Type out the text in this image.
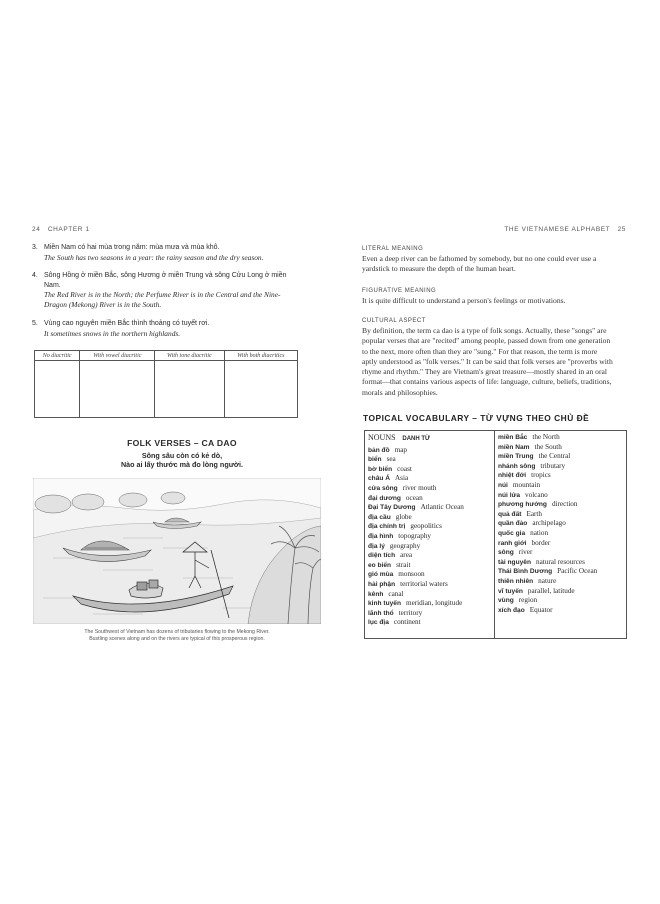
24 CHAPTER 1
3. Miền Nam có hai mùa trong năm: mùa mưa và mùa khô.
The South has two seasons in a year: the rainy season and the dry season.
4. Sông Hồng ở miền Bắc, sông Hương ở miền Trung và sông Cửu Long ở miền
Nam.
The Red River is in the North; the Perfume River is in the Central and the Nine-
Dragon (Mekong) River is in the South.
5. Vùng cao nguyên miền Bắc thình thoảng có tuyết rơi.
It sometimes snows in the northern highlands.
No diacritic	With vowel diacritic	With tone diacritic	With both diacritics

FOLK VERSES – CA DAO
Sông sâu còn có kẻ dò,
Nào ai lấy thước mà đo lòng người.
The Southwest of Vietnam has dozens of tributaries flowing to the Mekong River.
Bustling scenes along and on the rivers are typical of this prosperous region.
THE VIETNAMESE ALPHABET 25
LITERAL MEANING
Even a deep river can be fathomed by somebody, but no one could ever use a
yardstick to measure the depth of the human heart.
FIGURATIVE MEANING
It is quite difficult to understand a person's feelings or motivations.
CULTURAL ASPECT
By definition, the term ca dao is a type of folk songs. Actually, these "songs" are
popular verses that are "recited" among people, passed down from one generation
to the next, more often than they are "sung." For that reason, the term is more
aptly understood as "folk verses." It can be said that folk verses are "proverbs with
rhyme and rhythm." They are Vietnam's great treasure—mostly shared in an oral
format—that contains various aspects of life: language, culture, beliefs, traditions,
morals and philosophies.
TOPICAL VOCABULARY – TỪ VỰNG THEO CHỦ ĐỀ
NOUNS DANH TỪ
bản đồ map
biển sea
bờ biển coast
châu Á Asia
cửa sông river mouth
đại dương ocean
Đại Tây Dương Atlantic Ocean
địa cầu globe
địa chính trị geopolitics
địa hình topography
địa lý geography
diện tích area
eo biển strait
gió mùa monsoon
hải phận territorial waters
kênh canal
kinh tuyến meridian, longitude
lãnh thổ territory
lục địa continent
miền Bắc the North
miền Nam the South
miền Trung the Central
nhánh sông tributary
nhiệt đới tropics
núi mountain
núi lửa volcano
phương hướng direction
quả đất Earth
quần đảo archipelago
quốc gia nation
ranh giới border
sông river
tài nguyên natural resources
Thái Bình Dương Pacific Ocean
thiên nhiên nature
vĩ tuyến parallel, latitude
vùng region
xích đạo Equator
